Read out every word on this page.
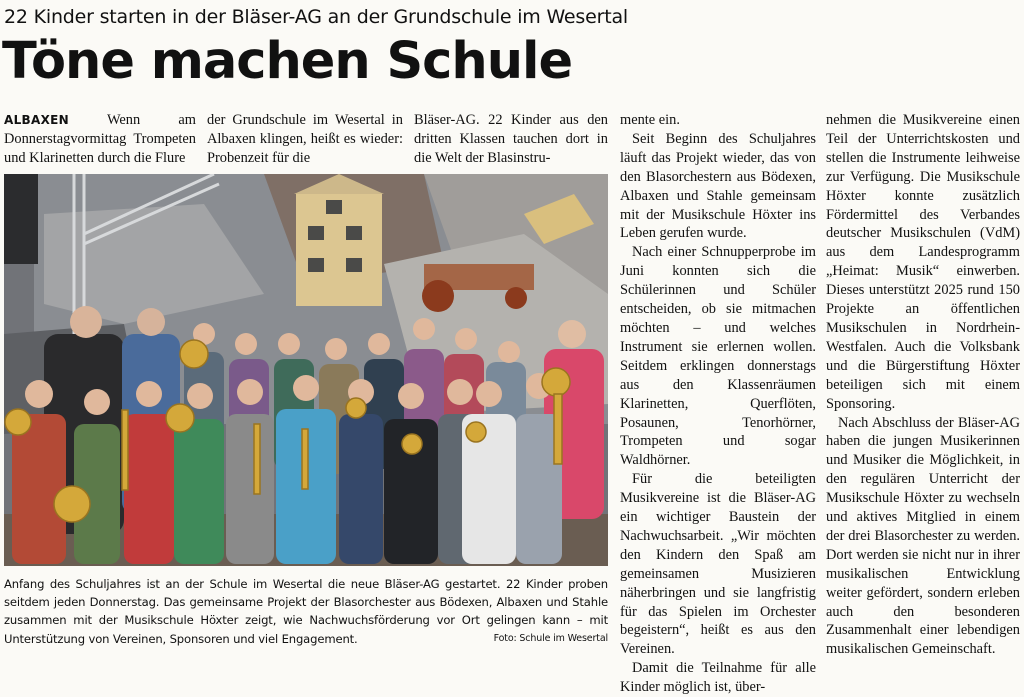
22 Kinder starten in der Bläser-AG an der Grundschule im Wesertal
Töne machen Schule

ALBAXEN Wenn am Donnerstagvormittag Trompeten und Klarinetten durch die Flure

der Grundschule im Wesertal in Albaxen klingen, heißt es wieder: Probenzeit für die

Bläser-AG. 22 Kinder aus den dritten Klassen tauchen dort in die Welt der Blasinstru-

mente ein.

Seit Beginn des Schuljahres läuft das Projekt wieder, das von den Blasorchestern aus Bödexen, Albaxen und Stahle gemeinsam mit der Musikschule Höxter ins Leben gerufen wurde.

Nach einer Schnupperprobe im Juni konnten sich die Schülerinnen und Schüler entscheiden, ob sie mitmachen möchten – und welches Instrument sie erlernen wollen. Seitdem erklingen donnerstags aus den Klassenräumen Klarinetten, Querflöten, Posaunen, Tenorhörner, Trompeten und sogar Waldhörner.

Für die beteiligten Musikvereine ist die Bläser-AG ein wichtiger Baustein der Nachwuchsarbeit. „Wir möchten den Kindern den Spaß am gemeinsamen Musizieren näherbringen und sie langfristig für das Spielen im Orchester begeistern“, heißt es aus den Vereinen.

Damit die Teilnahme für alle Kinder möglich ist, über-

nehmen die Musikvereine einen Teil der Unterrichtskosten und stellen die Instrumente leihweise zur Verfügung. Die Musikschule Höxter konnte zusätzlich Fördermittel des Verbandes deutscher Musikschulen (VdM) aus dem Landesprogramm „Heimat: Musik“ einwerben. Dieses unterstützt 2025 rund 150 Projekte an öffentlichen Musikschulen in Nordrhein-Westfalen. Auch die Volksbank und die Bürgerstiftung Höxter beteiligen sich mit einem Sponsoring.

Nach Abschluss der Bläser-AG haben die jungen Musikerinnen und Musiker die Möglichkeit, in den regulären Unterricht der Musikschule Höxter zu wechseln und aktives Mitglied in einem der drei Blasorchester zu werden. Dort werden sie nicht nur in ihrer musikalischen Entwicklung weiter gefördert, sondern erleben auch den besonderen Zusammenhalt einer lebendigen musikalischen Gemeinschaft.

Anfang des Schuljahres ist an der Schule im Wesertal die neue Bläser-AG gestartet. 22 Kinder proben seitdem jeden Donnerstag. Das gemeinsame Projekt der Blasorchester aus Bödexen, Albaxen und Stahle zusammen mit der Musikschule Höxter zeigt, wie Nachwuchsförderung vor Ort gelingen kann – mit Unterstützung von Vereinen, Sponsoren und viel Engagement.	Foto: Schule im Wesertal
